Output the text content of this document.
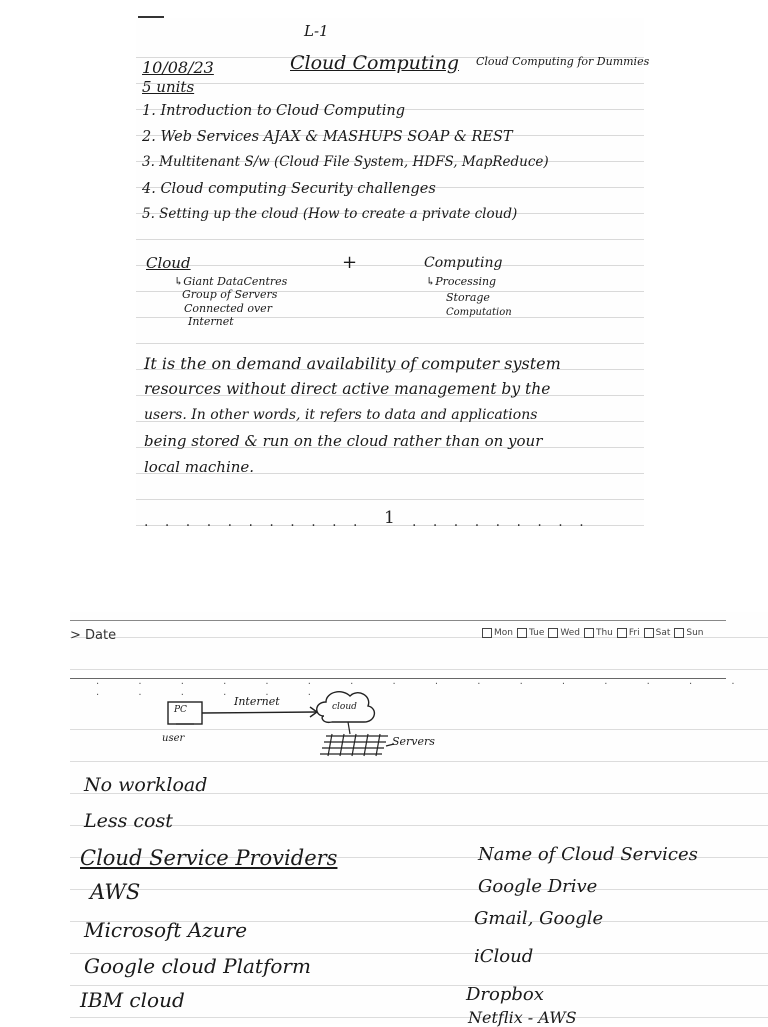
L-1
10/08/23	Cloud Computing Cloud Computing for Dummies
5 units
1. Introduction to Cloud Computing
2. Web Services AJAX & MASHUPS SOAP & REST
3. Multitenant S/w (Cloud File System, HDFS, MapReduce)
4. Cloud computing Security challenges
5. Setting up the cloud (How to create a private cloud)
Cloud	+	Computing
↳Giant DataCentres
Group of Servers
Connected over
Internet
↳Processing
Storage
Computation
It is the on demand availability of computer system
resources without direct active management by the
users. In other words, it refers to data and applications
being stored & run on the cloud rather than on your
local machine.
. . . . . . . . . . . 1 . . . . . . . . .
> Date	Mon Tue Wed Thu Fri Sat Sun
. . . . . . . . . . . . . . . . . . . . . . .
PC
user
Internet	cloud
Servers
No workload
Less cost
Cloud Service Providers
AWS
Microsoft Azure
Google cloud Platform
IBM cloud
Name of Cloud Services
Google Drive
Gmail, Google
iCloud
Dropbox
Netflix - AWS
